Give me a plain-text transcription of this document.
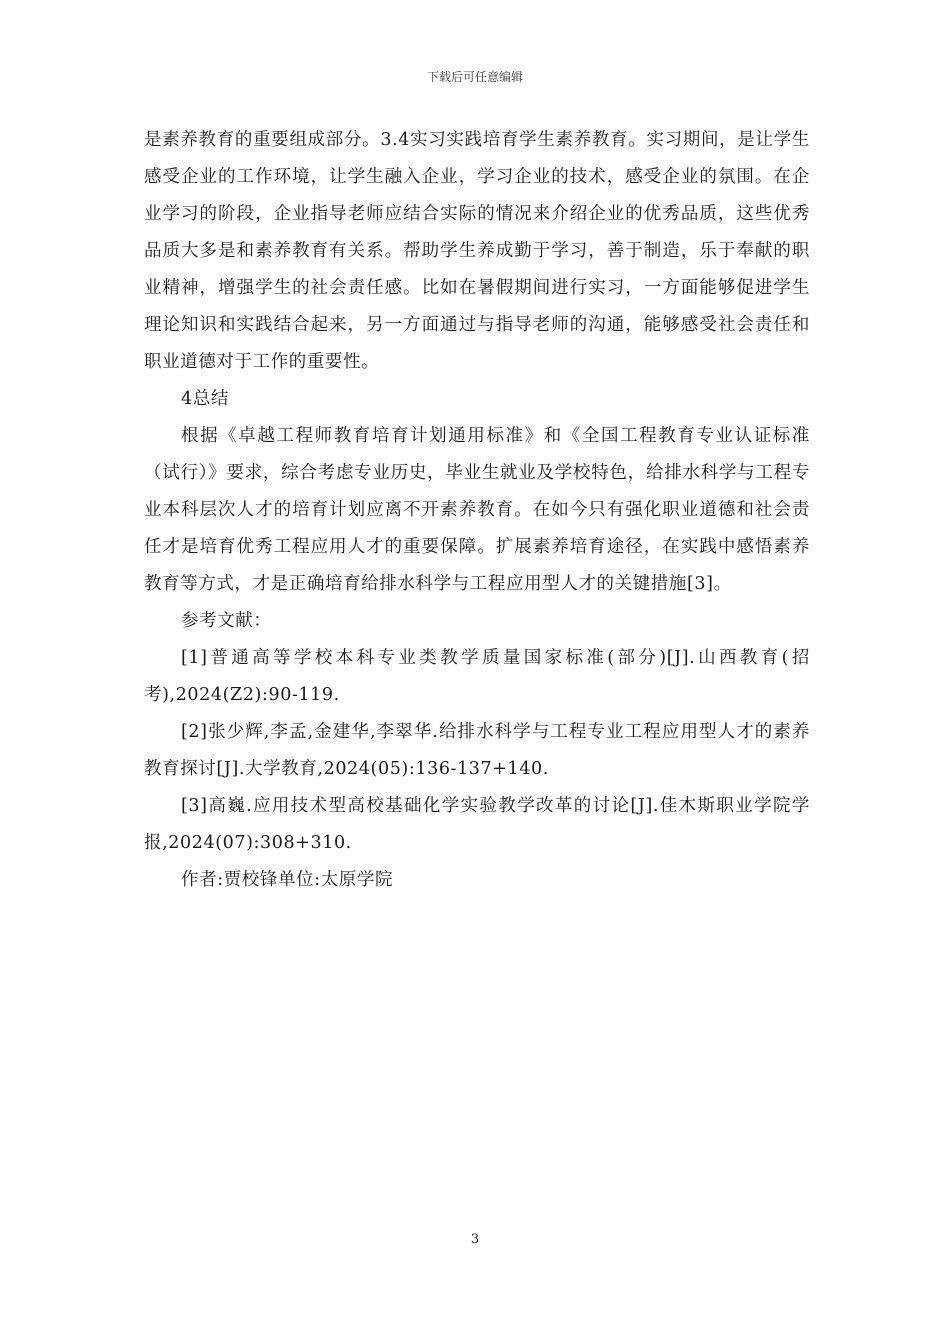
下载后可任意编辑

是素养教育的重要组成部分。3.4实习实践培育学生素养教育。实习期间，是让学生感受企业的工作环境，让学生融入企业，学习企业的技术，感受企业的氛围。在企业学习的阶段，企业指导老师应结合实际的情况来介绍企业的优秀品质，这些优秀品质大多是和素养教育有关系。帮助学生养成勤于学习，善于制造，乐于奉献的职业精神，增强学生的社会责任感。比如在暑假期间进行实习，一方面能够促进学生理论知识和实践结合起来，另一方面通过与指导老师的沟通，能够感受社会责任和职业道德对于工作的重要性。

4总结

根据《卓越工程师教育培育计划通用标准》和《全国工程教育专业认证标准（试行）》要求，综合考虑专业历史，毕业生就业及学校特色，给排水科学与工程专业本科层次人才的培育计划应离不开素养教育。在如今只有强化职业道德和社会责任才是培育优秀工程应用人才的重要保障。扩展素养培育途径，在实践中感悟素养教育等方式，才是正确培育给排水科学与工程应用型人才的关键措施[3]。

参考文献：

[1]普通高等学校本科专业类教学质量国家标准(部分)[J].山西教育(招考),2024(Z2):90-119.

[2]张少辉,李孟,金建华,李翠华.给排水科学与工程专业工程应用型人才的素养教育探讨[J].大学教育,2024(05):136-137+140.

[3]高巍.应用技术型高校基础化学实验教学改革的讨论[J].佳木斯职业学院学报,2024(07):308+310.

作者:贾校锋单位:太原学院

3
